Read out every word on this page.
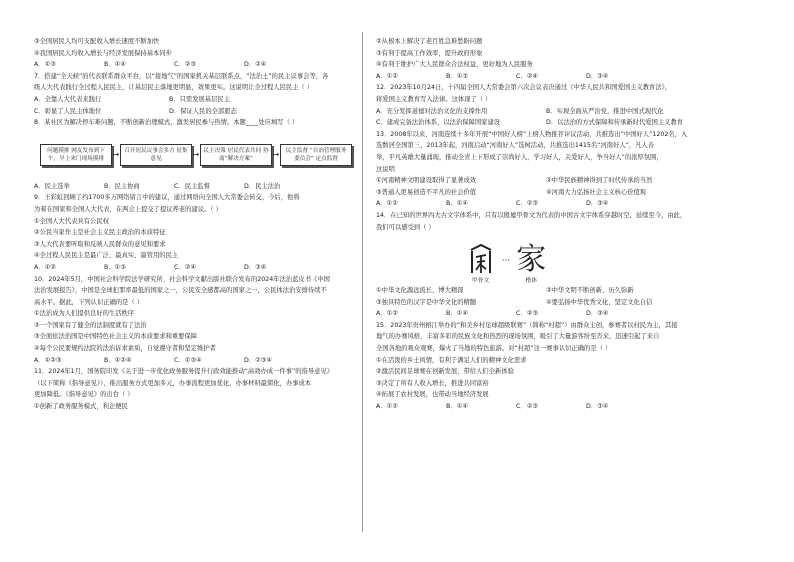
③全国居民人均可支配收入增长速度不断加快
④我国居民人均收入增长与经济发展保持基本同步
A．①③	B．①④	C．②③	D．②④
7．搭建“全天候”的代表联系群众平台，以“接地气”的国家机关基层联系点，“法治土”的民主议事会等，各
级人大代表践行全过程人民民主，让基层民主落地更明显，效果更实。这说明让全过程人民民主（ ）
A．全靠人大代表来践行	B．只需发展基层民主
C．彰显了人民主体地位	D．保证人民的全部愿态
8．某社区为解决停车难问题，不断创新治理模式，激发居民参与热情。本题____处应填写（ ）
问题摸排 网友发布到下午，早上来门现场摸排	→ 召开居民议事会多方 征集意见	→ 民主决策 居民代表共同 协商“解决方案”	→	民主监督 “自治管理服务委员会” 定点监督
A．民主选举	B．民主协商	C．民主监督	D．民主法治
9．王彩虹回顾了约1700多万网络留言中的建议，通过网络向全国人大常委会转交，今后，他将
为着在国家和全国人大代表，在两会上提交了提议养老的建议。（ ）
①全国人大代表具有公民权
②公民当家作主是社会主义民主政治的本质特征
③人大代表要听取和反映人民群众的意见和要求
④全过程人民民主是最广泛、最真实、最管用的民主
A．①②	B．①③	C．②④	D．③④
10．2024年5月，中国社会科学院法学研究所、社会科学文献出版社联合发布的2024年法治蓝皮书《中国
法治发展报告》，中国是全球犯罪率最低的国家之一，公民安全感都高的国家之一，公民体法治安排待续不
高水平。据此，下列认识正确的是（ ）
①法治成为人们提供良好的生活秩序
②一个国家有了健全的法制度就有了法治
③全面依法治国是中国特色社会主义的本质要求和重要保障
④每个公民要规约法院的法治诉求素质，自觉遵守者和坚定维护者
A．①②③	B．①②④	C．①③④	D．②③④
11．2024年1月，国务院印发《关于进一步优化政务服务提升行政效能推动“高效办成一件事”的指导意见》
（以下简称《指导意见》），推出服务方式更加多元，办事流程更加优化，办事材料最简化，办事成本
更加降低。《指导意见》的出台（ ）
①创新了政务服务模式，利企便民
②从根本上解决了老百姓急难愁盼问题
③有利于提高工作效率，提升政府形象
④有利于维护广大人民群众合法权益，更好地为人民服务
A．①②	B．①③	C．②④	D．③④
12．2023年10月24日，十四届全国人大常委会第六次会议表决通过《中华人民共和国爱国主义教育法》，
将爱国主义教育写入法律。这体现了（ ）
A．充分发挥道德对法治文化的支撑作用	B．实现全面从严治党，推进中国式现代化
C．建成完备法治体系，以法治保障国家建设	D．以法治的方式保障和传承新时代爱国主义教育
13．2008年以来，河南连续十多年开展“中国好人榜”上榜人物推荐评议活动，共推选出“中国好人”1202名，入
选数居全国第三，2013年起，河南启动“河南好人”选树活动，共推选出1415名“河南好人”，凡人善
举，平凡英雄大量涌现，推动全省上下形成了崇尚好人，学习好人，关爱好人，争当好人”的浓厚氛围，
这说明
①河南精神文明建设取得了显著成效	②中华民族精神得到了时代传承的当然
③普通人更易创造不平凡的社会价值	④河南大力弘扬社会主义核心价值观
A．①②	B．①④	C．②③	D．③④
14．在已知的世界四大古文字体系中，只有以殷墟甲骨文为代表的中国古文字体系穿越时空，延续至今，由此，
我们可以感受到（ ）
甲骨文
··· 家
楷体
①中华文化源远流长、博大精深	②中华文明不断创新、历久弥新
③独具特色的汉字是中华文化的精髓	④要弘扬中华优秀文化，坚定文化自信
A．①②	B．①④	C．②③	D．③④
15．2023年贵州榕江举办的“和美乡村足球超级联赛”（简称“村超”）由群众主创，参赛者以村民为主，其接
地气的办赛风格，丰富多彩的民族文化和热烈的现场氛围，吸引了大量游客纷至沓来，迅速引起了来自
全国各地的观众观赛，爆火了当地的特色旅游。对“村超”这一赛事认识正确的是（ ）
①在活泼的乡土风情，有利于满足人们的精神文化需求
②激活民间足球赛在创新发展，带给人们全新体验
③决定了所有人收入增长，推进共同富裕
④拓展了农村发展，也带动当地经济发展
A．①②	B．①④	C．②③	D．③④
